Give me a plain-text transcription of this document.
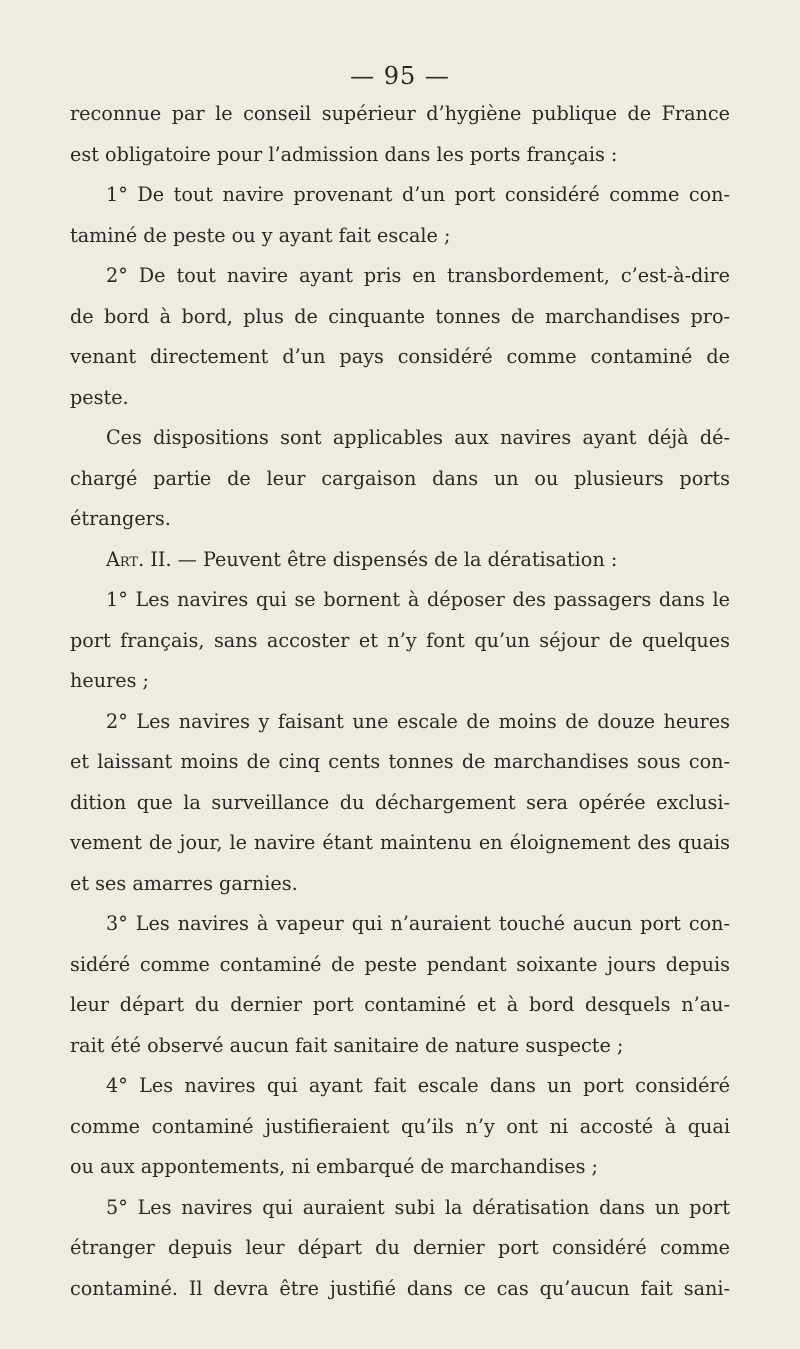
— 95 —
reconnue par le conseil supérieur d’hygiène publique de France
est obligatoire pour l’admission dans les ports français :
1° De tout navire provenant d’un port considéré comme con-
taminé de peste ou y ayant fait escale ;
2° De tout navire ayant pris en transbordement, c’est-à-dire
de bord à bord, plus de cinquante tonnes de marchandises pro-
venant directement d’un pays considéré comme contaminé de
peste.
Ces dispositions sont applicables aux navires ayant déjà dé-
chargé partie de leur cargaison dans un ou plusieurs ports
étrangers.
Art. II. — Peuvent être dispensés de la dératisation :
1° Les navires qui se bornent à déposer des passagers dans le
port français, sans accoster et n’y font qu’un séjour de quelques
heures ;
2° Les navires y faisant une escale de moins de douze heures
et laissant moins de cinq cents tonnes de marchandises sous con-
dition que la surveillance du déchargement sera opérée exclusi-
vement de jour, le navire étant maintenu en éloignement des quais
et ses amarres garnies.
3° Les navires à vapeur qui n’auraient touché aucun port con-
sidéré comme contaminé de peste pendant soixante jours depuis
leur départ du dernier port contaminé et à bord desquels n’au-
rait été observé aucun fait sanitaire de nature suspecte ;
4° Les navires qui ayant fait escale dans un port considéré
comme contaminé justifieraient qu’ils n’y ont ni accosté à quai
ou aux appontements, ni embarqué de marchandises ;
5° Les navires qui auraient subi la dératisation dans un port
étranger depuis leur départ du dernier port considéré comme
contaminé. Il devra être justifié dans ce cas qu’aucun fait sani-
